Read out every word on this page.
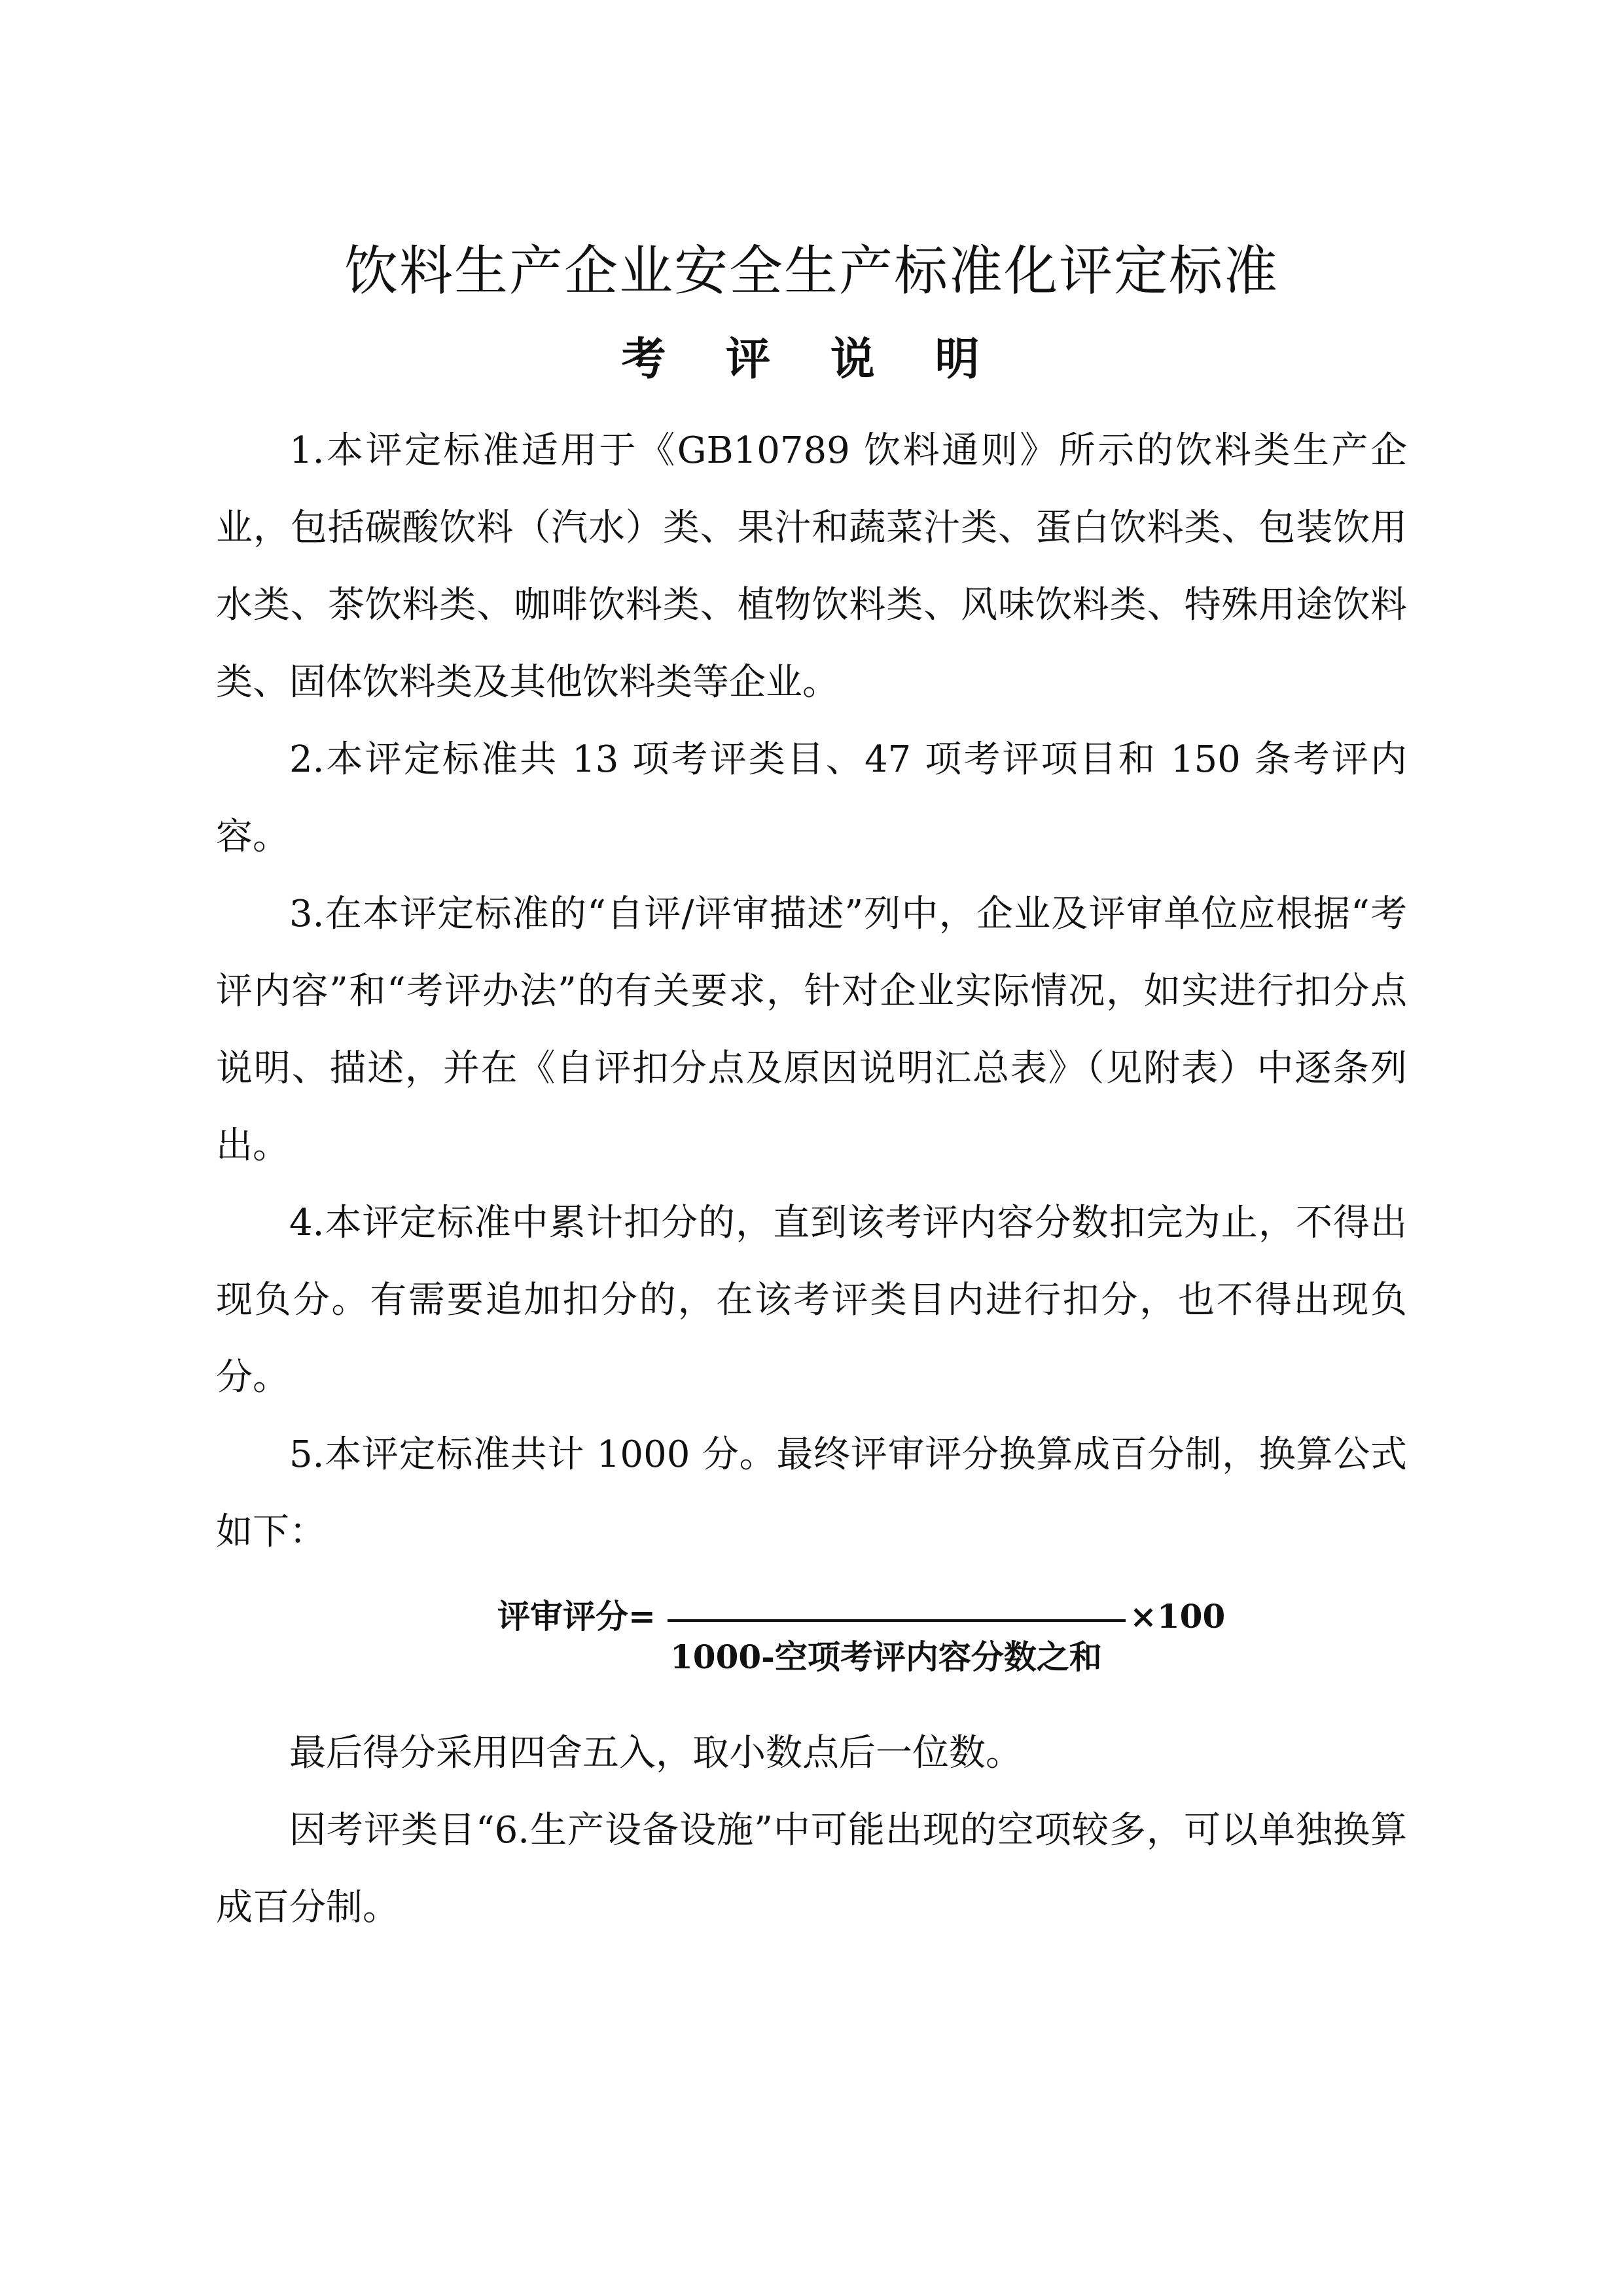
饮料生产企业安全生产标准化评定标准
考 评 说 明

1.本评定标准适用于《GB10789 饮料通则》所示的饮料类生产企业，包括碳酸饮料（汽水）类、果汁和蔬菜汁类、蛋白饮料类、包装饮用水类、茶饮料类、咖啡饮料类、植物饮料类、风味饮料类、特殊用途饮料类、固体饮料类及其他饮料类等企业。

2.本评定标准共 13 项考评类目、47 项考评项目和 150 条考评内容。

3.在本评定标准的“自评/评审描述”列中，企业及评审单位应根据“考评内容”和“考评办法”的有关要求，针对企业实际情况，如实进行扣分点说明、描述，并在《自评扣分点及原因说明汇总表》（见附表）中逐条列出。

4.本评定标准中累计扣分的，直到该考评内容分数扣完为止，不得出现负分。有需要追加扣分的，在该考评类目内进行扣分，也不得出现负分。

5.本评定标准共计 1000 分。最终评审评分换算成百分制，换算公式如下：

评审评分=
1000-空项考评内容分数之和
×100

最后得分采用四舍五入，取小数点后一位数。

因考评类目“6.生产设备设施”中可能出现的空项较多，可以单独换算成百分制。
